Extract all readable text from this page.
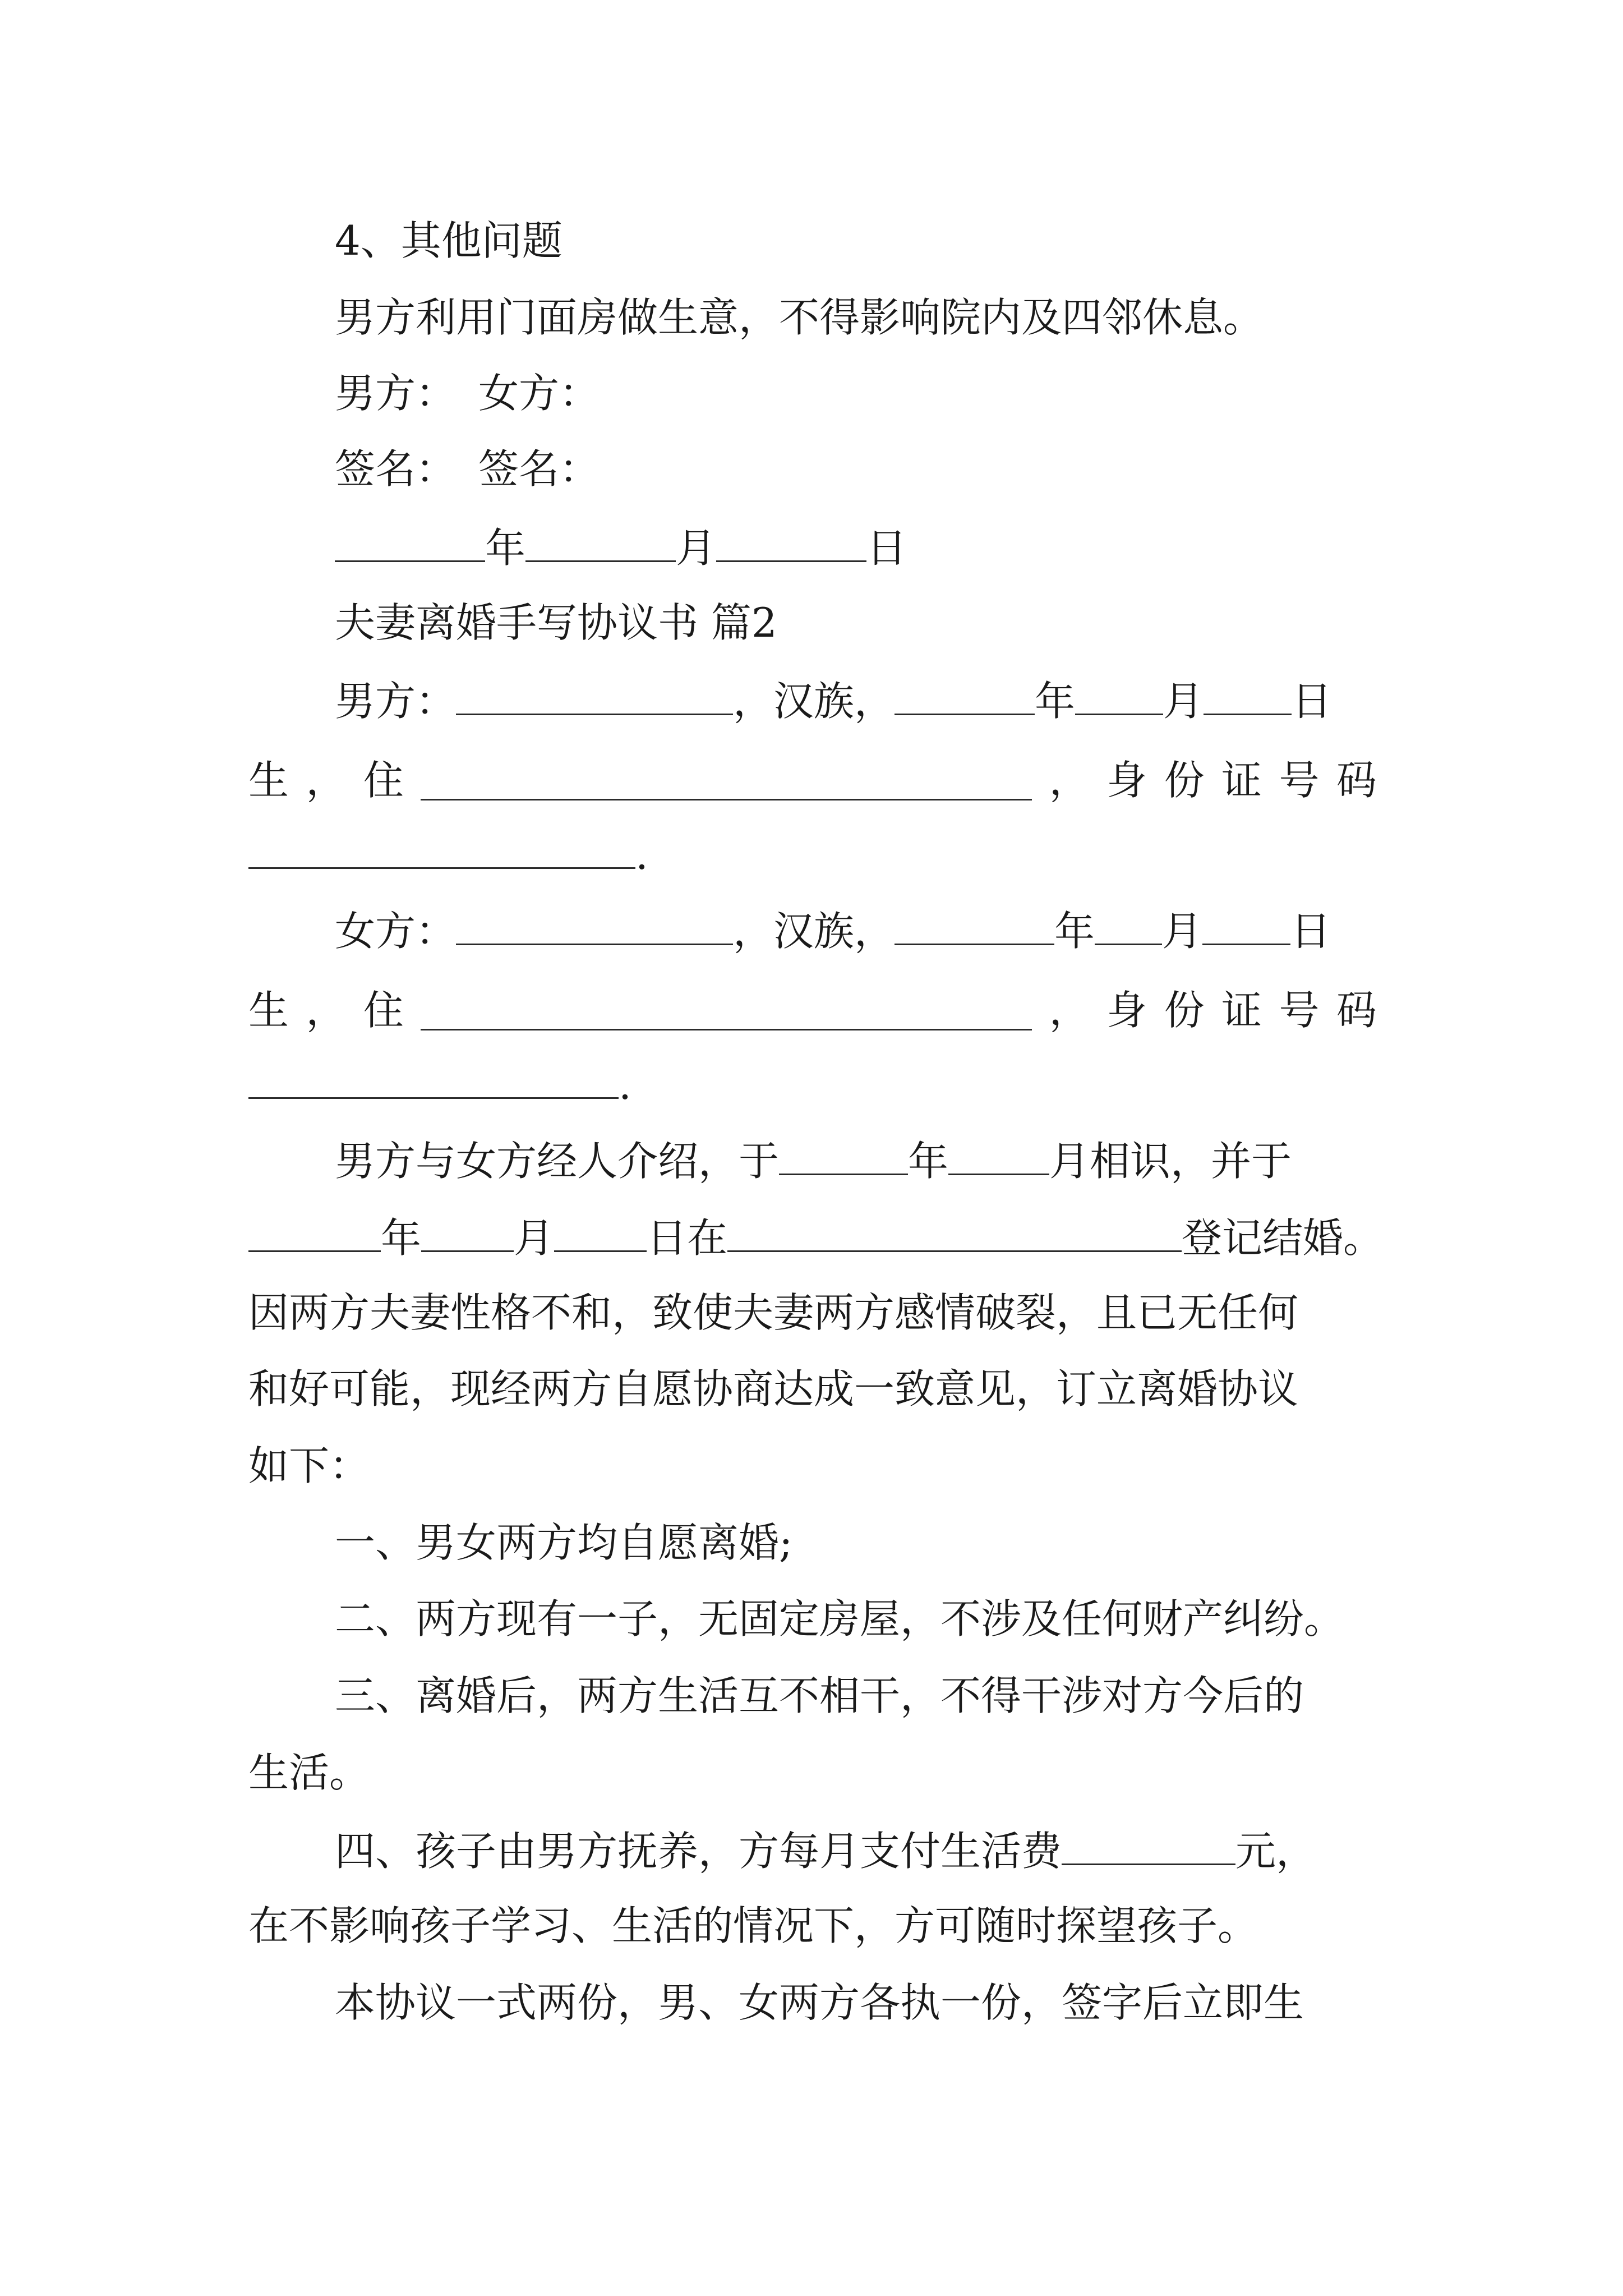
4、其他问题
男方利用门面房做生意，不得影响院内及四邻休息。
男方： 女方：
签名： 签名：
年	月	日
夫妻离婚手写协议书 篇2
男方：	，汉族，	年 月 日
生 ， 住	， 身 份 证 号 码
.
女方：	，汉族，	年 月 日
生 ， 住	， 身 份 证 号 码
.
男方与女方经人介绍，于	年	月相识，并于
年 月 日在	登记结婚。
因两方夫妻性格不和，致使夫妻两方感情破裂，且已无任何
和好可能，现经两方自愿协商达成一致意见，订立离婚协议
如下：
一、男女两方均自愿离婚;
二、两方现有一子，无固定房屋，不涉及任何财产纠纷。
三、离婚后，两方生活互不相干，不得干涉对方今后的
生活。
四、孩子由男方抚养，方每月支付生活费	元，
在不影响孩子学习、生活的情况下，方可随时探望孩子。
本协议一式两份，男、女两方各执一份，签字后立即生
